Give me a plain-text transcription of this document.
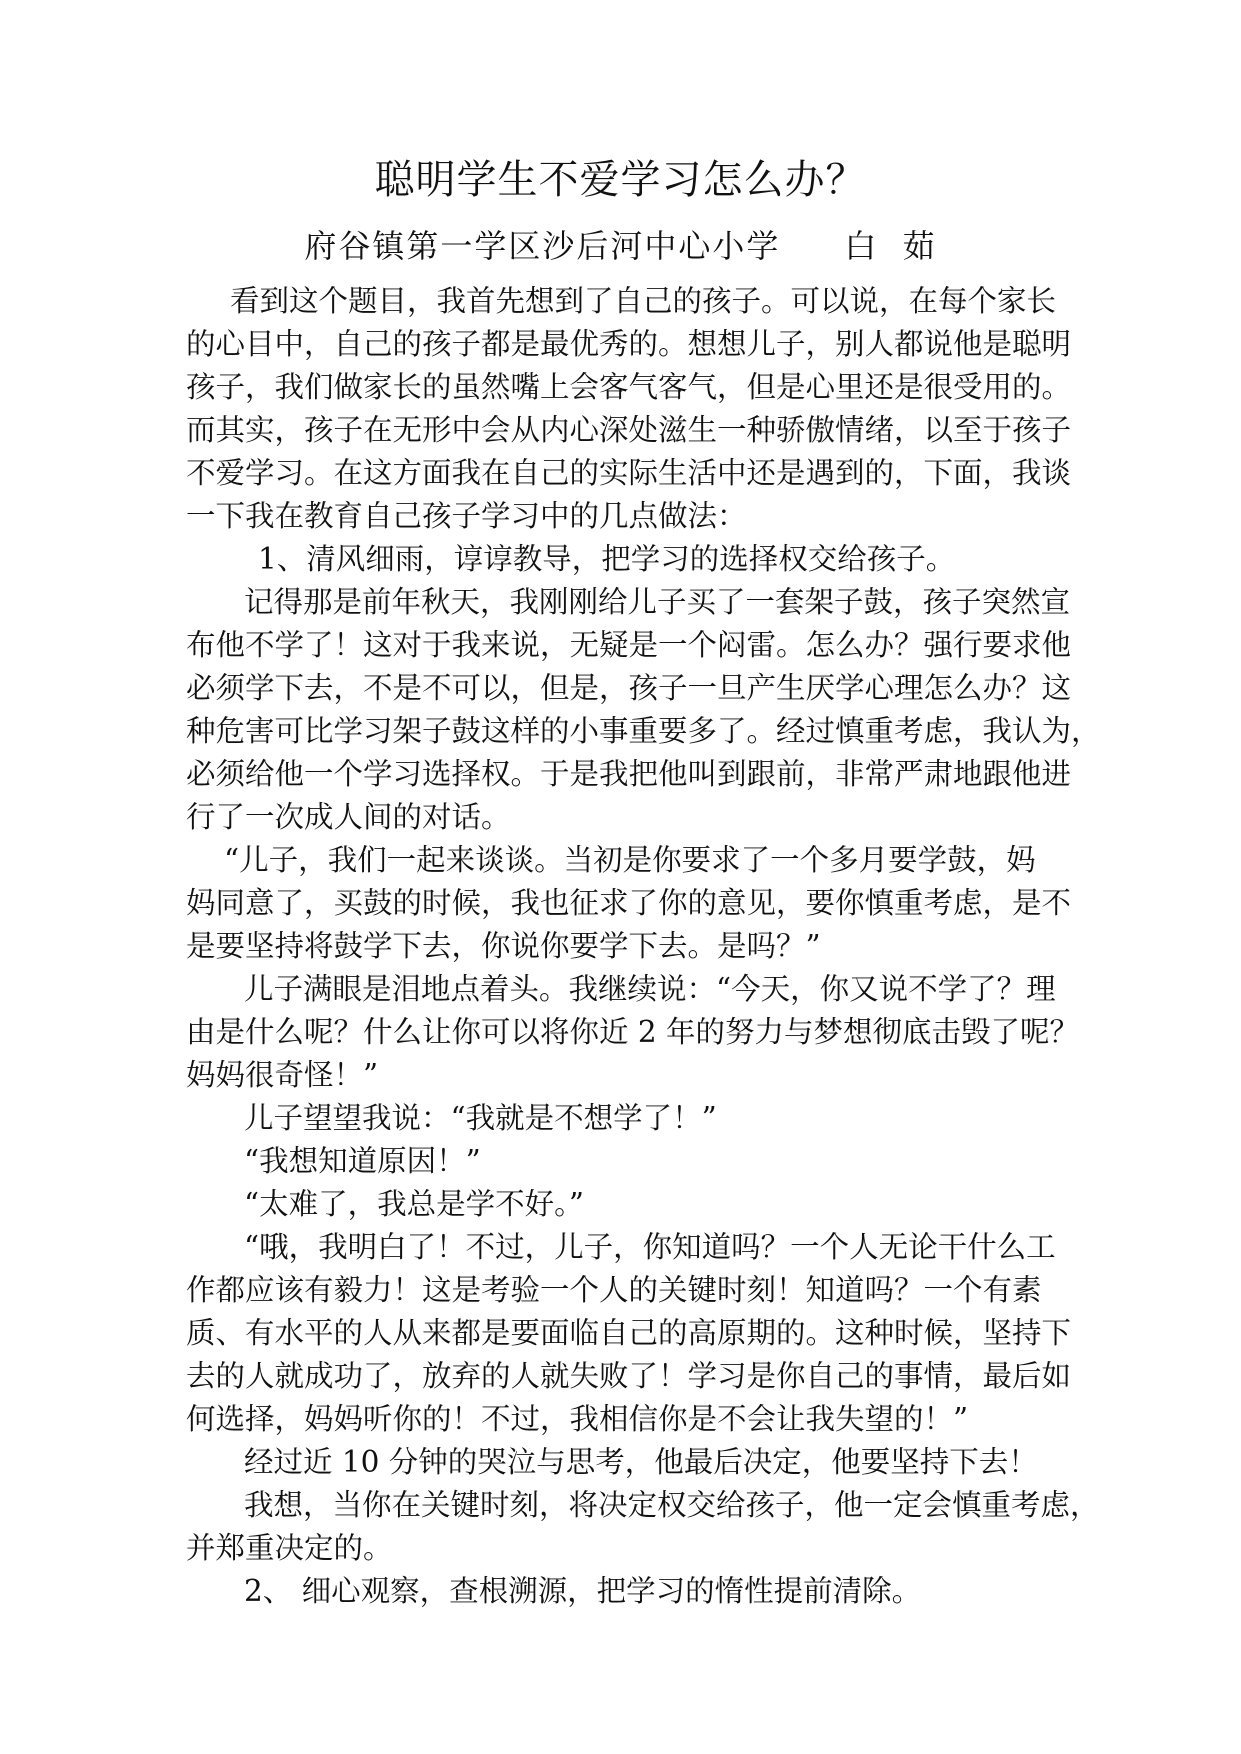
聪明学生不爱学习怎么办？
府谷镇第一学区沙后河中心小学 白  茹
看到这个题目，我首先想到了自己的孩子。可以说，在每个家长
的心目中，自己的孩子都是最优秀的。想想儿子，别人都说他是聪明
孩子，我们做家长的虽然嘴上会客气客气，但是心里还是很受用的。
而其实，孩子在无形中会从内心深处滋生一种骄傲情绪，以至于孩子
不爱学习。在这方面我在自己的实际生活中还是遇到的，下面，我谈
一下我在教育自己孩子学习中的几点做法：
1、清风细雨，谆谆教导，把学习的选择权交给孩子。
记得那是前年秋天，我刚刚给儿子买了一套架子鼓，孩子突然宣
布他不学了！这对于我来说，无疑是一个闷雷。怎么办？强行要求他
必须学下去，不是不可以，但是，孩子一旦产生厌学心理怎么办？这
种危害可比学习架子鼓这样的小事重要多了。经过慎重考虑，我认为，
必须给他一个学习选择权。于是我把他叫到跟前，非常严肃地跟他进
行了一次成人间的对话。
“儿子，我们一起来谈谈。当初是你要求了一个多月要学鼓，妈
妈同意了，买鼓的时候，我也征求了你的意见，要你慎重考虑，是不
是要坚持将鼓学下去，你说你要学下去。是吗？”
儿子满眼是泪地点着头。我继续说：“今天，你又说不学了？理
由是什么呢？什么让你可以将你近 2 年的努力与梦想彻底击毁了呢？
妈妈很奇怪！”
儿子望望我说：“我就是不想学了！”
“我想知道原因！”
“太难了，我总是学不好。”
“哦，我明白了！不过，儿子，你知道吗？一个人无论干什么工
作都应该有毅力！这是考验一个人的关键时刻！知道吗？一个有素
质、有水平的人从来都是要面临自己的高原期的。这种时候，坚持下
去的人就成功了，放弃的人就失败了！学习是你自己的事情，最后如
何选择，妈妈听你的！不过，我相信你是不会让我失望的！”
经过近 10 分钟的哭泣与思考，他最后决定，他要坚持下去！
我想，当你在关键时刻，将决定权交给孩子，他一定会慎重考虑，
并郑重决定的。
2、 细心观察，查根溯源，把学习的惰性提前清除。
